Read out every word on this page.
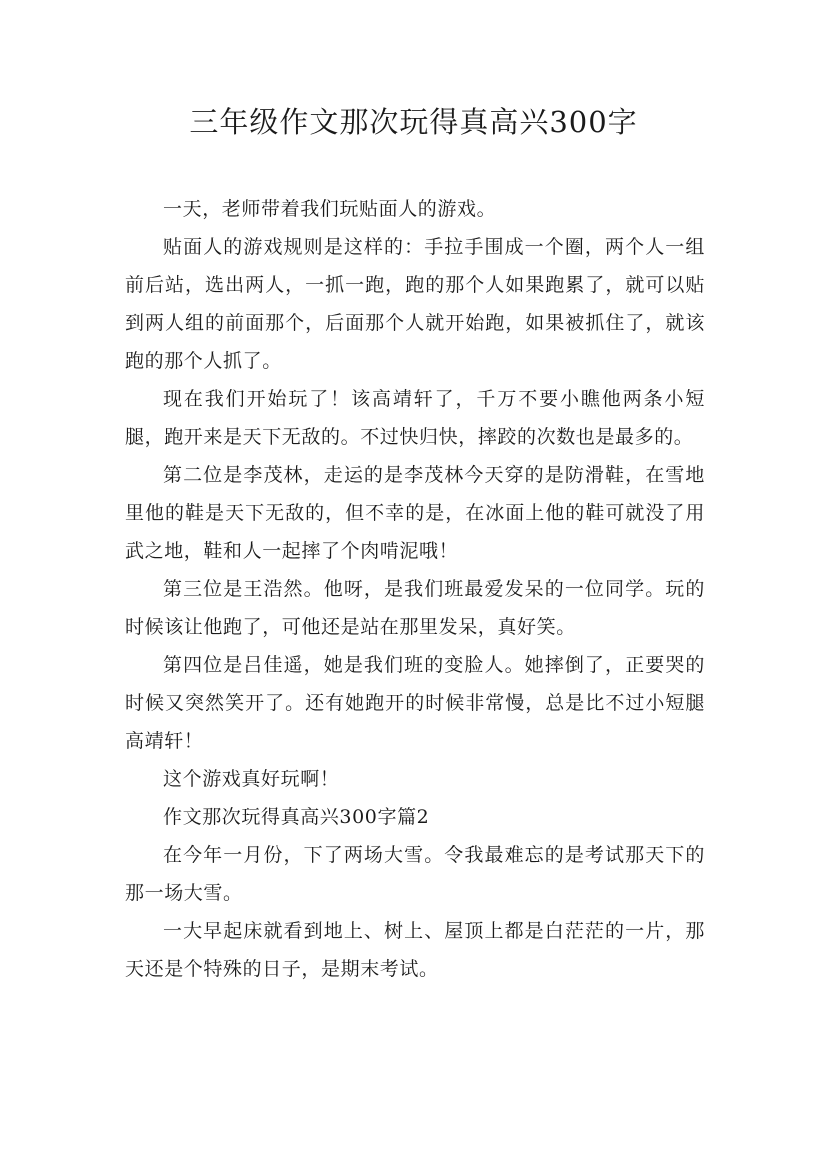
三年级作文那次玩得真高兴300字

一天，老师带着我们玩贴面人的游戏。

贴面人的游戏规则是这样的：手拉手围成一个圈，两个人一组前后站，选出两人，一抓一跑，跑的那个人如果跑累了，就可以贴到两人组的前面那个，后面那个人就开始跑，如果被抓住了，就该跑的那个人抓了。

现在我们开始玩了！该高靖轩了，千万不要小瞧他两条小短腿，跑开来是天下无敌的。不过快归快，摔跤的次数也是最多的。

第二位是李茂林，走运的是李茂林今天穿的是防滑鞋，在雪地里他的鞋是天下无敌的，但不幸的是，在冰面上他的鞋可就没了用武之地，鞋和人一起摔了个肉啃泥哦！

第三位是王浩然。他呀，是我们班最爱发呆的一位同学。玩的时候该让他跑了，可他还是站在那里发呆，真好笑。

第四位是吕佳遥，她是我们班的变脸人。她摔倒了，正要哭的时候又突然笑开了。还有她跑开的时候非常慢，总是比不过小短腿高靖轩！

这个游戏真好玩啊！

作文那次玩得真高兴300字篇2

在今年一月份，下了两场大雪。令我最难忘的是考试那天下的那一场大雪。

一大早起床就看到地上、树上、屋顶上都是白茫茫的一片，那天还是个特殊的日子，是期末考试。
